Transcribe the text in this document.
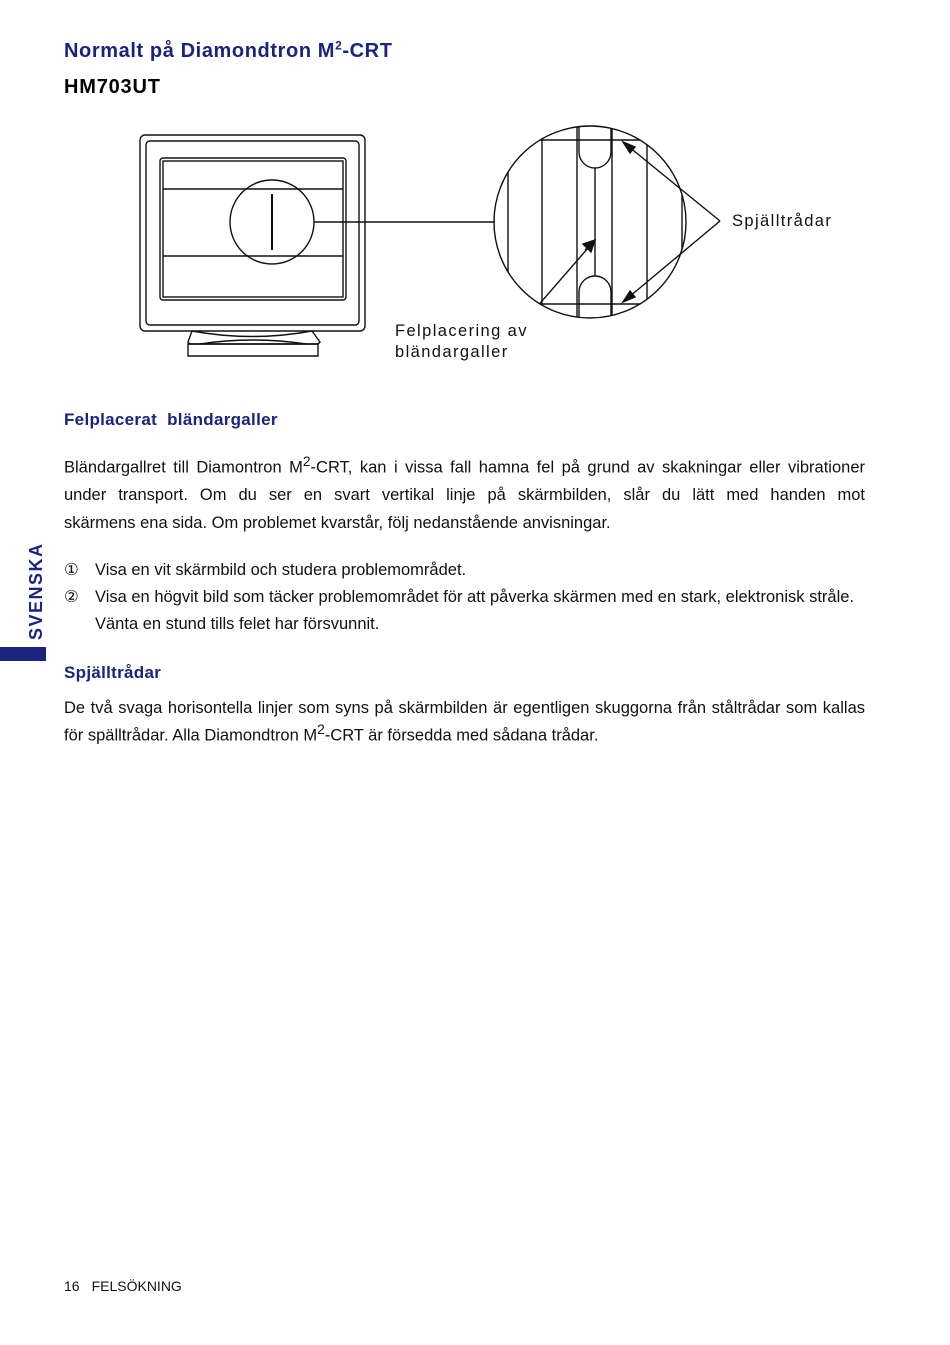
Normalt på Diamondtron $M^2$-CRT
HM703UT
Spjälltrådar
Felplacering av
bländargaller
Felplacerat  bländargaller
Bländargallret till Diamontron $M^2$-CRT, kan i vissa fall hamna fel på grund av skakningar eller vibrationer
under transport. Om du ser en svart vertikal linje på skärmbilden, slår du lätt med handen mot
skärmens ena sida. Om problemet kvarstår, följ nedanstående anvisningar.
① Visa en vit skärmbild och studera problemområdet.
② Visa en högvit bild som täcker problemområdet för att påverka skärmen med en stark, elektronisk stråle. Vänta en stund tills felet har försvunnit.
Spjälltrådar

De två svaga horisontella linjer som syns på skärmbilden är egentligen skuggorna från ståltrådar som kallas för spälltrådar. Alla Diamondtron $M^2$-CRT är försedda med sådana trådar.

SVENSKA
16 FELSÖKNING
